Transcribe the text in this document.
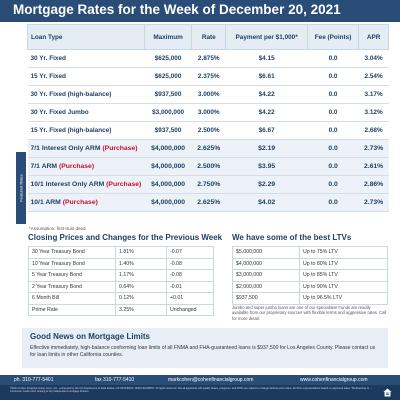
Mortgage Rates for the Week of December 20, 2021
Featured Rates
Loan Type	Maximum	Rate	Payment per $1,000*	Fee (Points)	APR
30 Yr. Fixed	$625,000	2.875%	$4.15	0.0	3.04%
15 Yr. Fixed	$625,000	2.375%	$6.61	0.0	2.54%
30 Yr. Fixed (high-balance)	$937,500	3.000%	$4.22	0.0	3.17%
30 Yr. Fixed Jumbo	$3,000,000	3.000%	$4.22	0.0	3.12%
15 Yr. Fixed (high-balance)	$937,500	2.500%	$6.67	0.0	2.68%
7/1 Interest Only ARM (Purchase)	$4,000,000	2.625%	$2.19	0.0	2.73%
7/1 ARM (Purchase)	$4,000,000	2.500%	$3.95	0.0	2.61%
10/1 Interest Only ARM (Purchase)	$4,000,000	2.750%	$2.29	0.0	2.86%
10/1 ARM (Purchase)	$4,000,000	2.625%	$4.02	0.0	2.73%
*Assumption: first-trust deed
Closing Prices and Changes for the Previous Week
30 Year Treasury Bond	1.81%	-0.07
10 Year Treasury Bond	1.40%	-0.08
5 Year Treasury Bond	1.17%	-0.08
2 Year Treasury Bond	0.64%	-0.01
6 Month Bill	0.12%	+0.01
Prime Rate	3.25%	Unchanged
We have some of the best LTVs
$5,000,000	Up to 75% LTV
$4,000,000	Up to 80% LTV
$3,000,000	Up to 85% LTV
$2,000,000	Up to 90% LTV
$937,500	Up to 96.5% LTV
Jumbo and super jumbo loans are one of our specialties! Funds are readily available from our proprietary sources with flexible terms and aggressive rates. Call for more detail.
Good News on Mortgage Limits
Effective immediately, high-balance conforming loan limits of all FNMA and FHA-guaranteed loans is $937,500 for Los Angeles County. Please contact us for loan limits in other California counties.
ph. 310-777-5401	fax 310-777-5410	markcohen@cohenfinancialgroup.com	www.cohenfinancialgroup.com
©2021 Cohen Financial Group Corp., Inc., a licensed by the CA Department of Real Estate, LIC #01245102. NMLS #1008257. All rights reserved. Not all applicants will qualify. Rates, programs, and APRs are subject to change without prior notice. All CFG representatives based on approved sales. *Refinancing or ... Consumer Guide 2021 ranking of top independent mortgage brokers.
